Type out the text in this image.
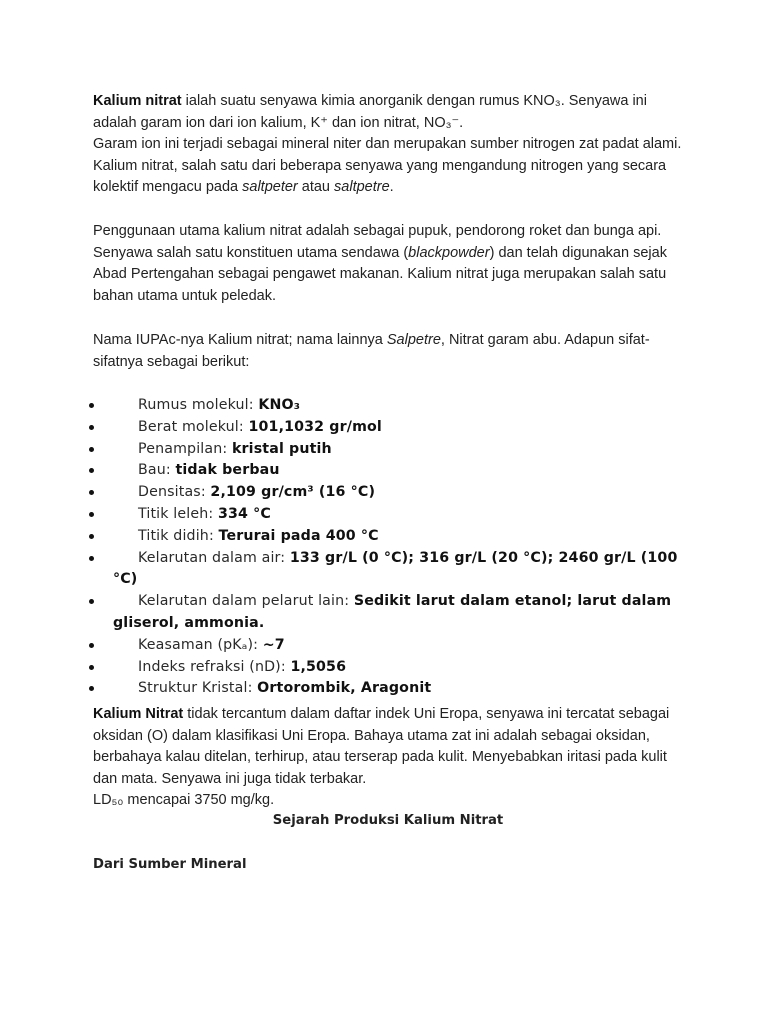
Kalium nitrat ialah suatu senyawa kimia anorganik dengan rumus KNO₃. Senyawa ini adalah garam ion dari ion kalium, K⁺ dan ion nitrat, NO₃⁻.
Garam ion ini terjadi sebagai mineral niter dan merupakan sumber nitrogen zat padat alami. Kalium nitrat, salah satu dari beberapa senyawa yang mengandung nitrogen yang secara kolektif mengacu pada saltpeter atau saltpetre.

Penggunaan utama kalium nitrat adalah sebagai pupuk, pendorong roket dan bunga api. Senyawa salah satu konstituen utama sendawa (blackpowder) dan telah digunakan sejak Abad Pertengahan sebagai pengawet makanan. Kalium nitrat juga merupakan salah satu bahan utama untuk peledak.

Nama IUPAc-nya Kalium nitrat; nama lainnya Salpetre, Nitrat garam abu. Adapun sifat-sifatnya sebagai berikut:

Rumus molekul: KNO₃
Berat molekul: 101,1032 gr/mol
Penampilan: kristal putih
Bau: tidak berbau
Densitas: 2,109 gr/cm³ (16 °C)
Titik leleh: 334 °C
Titik didih: Terurai pada 400 °C
Kelarutan dalam air: 133 gr/L (0 °C); 316 gr/L (20 °C); 2460 gr/L (100 °C)
Kelarutan dalam pelarut lain: Sedikit larut dalam etanol; larut dalam gliserol, ammonia.
Keasaman (pKₐ): ~7
Indeks refraksi (nD): 1,5056
Struktur Kristal: Ortorombik, Aragonit

Kalium Nitrat tidak tercantum dalam daftar indek Uni Eropa, senyawa ini tercatat sebagai oksidan (O) dalam klasifikasi Uni Eropa. Bahaya utama zat ini adalah sebagai oksidan, berbahaya kalau ditelan, terhirup, atau terserap pada kulit. Menyebabkan iritasi pada kulit dan mata. Senyawa ini juga tidak terbakar.
LD₅₀ mencapai 3750 mg/kg.

Sejarah Produksi Kalium Nitrat

Dari Sumber Mineral
